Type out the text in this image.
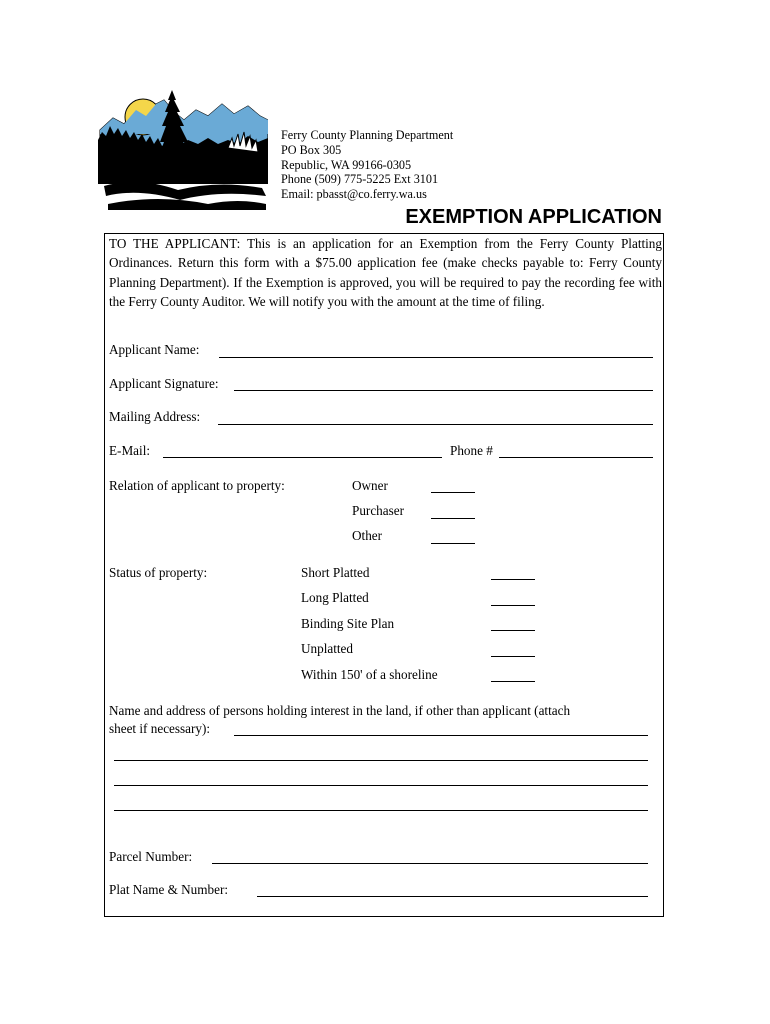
Ferry County Planning Department
PO Box 305
Republic, WA 99166-0305
Phone (509) 775-5225 Ext 3101
Email: pbasst@co.ferry.wa.us
EXEMPTION APPLICATION
TO THE APPLICANT: This is an application for an Exemption from the Ferry County Platting Ordinances. Return this form with a $75.00 application fee (make checks payable to: Ferry County Planning Department). If the Exemption is approved, you will be required to pay the recording fee with the Ferry County Auditor. We will notify you with the amount at the time of filing.
Applicant Name:
Applicant Signature:
Mailing Address:
E-Mail:	Phone #
Relation of applicant to property:	Owner
Purchaser
Other
Status of property:	Short Platted
Long Platted
Binding Site Plan
Unplatted
Within 150' of a shoreline
Name and address of persons holding interest in the land, if other than applicant (attach
sheet if necessary):
Parcel Number:
Plat Name & Number:
